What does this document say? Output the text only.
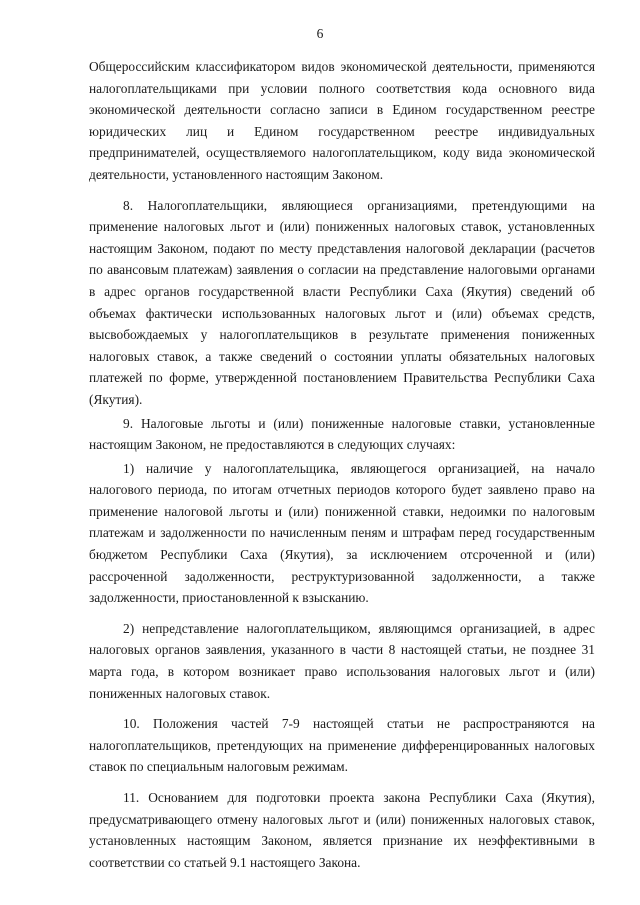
6

Общероссийским классификатором видов экономической деятельности, применяются налогоплательщиками при условии полного соответствия кода основного вида экономической деятельности согласно записи в Едином государственном реестре юридических лиц и Едином государственном реестре индивидуальных предпринимателей, осуществляемого налогоплательщиком, кoду вида экономической деятельности, установленного настоящим Законом.

8. Налогоплательщики, являющиеся организациями, претендующими на применение налоговых льгот и (или) пониженных налоговых ставок, установленных настоящим Законом, подают по месту представления налоговой декларации (расчетов по авансовым платежам) заявления о согласии на представление налоговыми органами в адрес органов государственной власти Республики Саха (Якутия) сведений об объемах фактически использованных налоговых льгот и (или) объемах средств, высвобождаемых у налогоплательщиков в результате применения пониженных налоговых ставок, а также сведений о состоянии уплаты обязательных налоговых платежей по форме, утвержденной постановлением Правительства Республики Саха (Якутия).

9. Налоговые льготы и (или) пониженные налоговые ставки, установленные настоящим Законом, не предоставляются в следующих случаях:

1) наличие у налогоплательщика, являющегося организацией, на начало налогового периода, по итогам отчетных периодов которого будет заявлено право на применение налоговой льготы и (или) пониженной ставки, недоимки по налоговым платежам и задолженности по начисленным пеням и штрафам перед государственным бюджетом Республики Саха (Якутия), за исключением отсроченной и (или) рассроченной задолженности, реструктуризованной задолженности, а также задолженности, приостановленной к взысканию.

2) непредставление налогоплательщиком, являющимся организацией, в адрес налоговых органов заявления, указанного в части 8 настоящей статьи, не позднее 31 марта года, в котором возникает право использования налоговых льгот и (или) пониженных налоговых ставок.

10. Положения частей 7-9 настоящей статьи не распространяются на налогоплательщиков, претендующих на применение дифференцированных налоговых ставок по специальным налоговым режимам.

11. Основанием для подготовки проекта закона Республики Саха (Якутия), предусматривающего отмену налоговых льгот и (или) пониженных налоговых ставок, установленных настоящим Законом, является признание их неэффективными в соответствии со статьей 9.1 настоящего Закона.
